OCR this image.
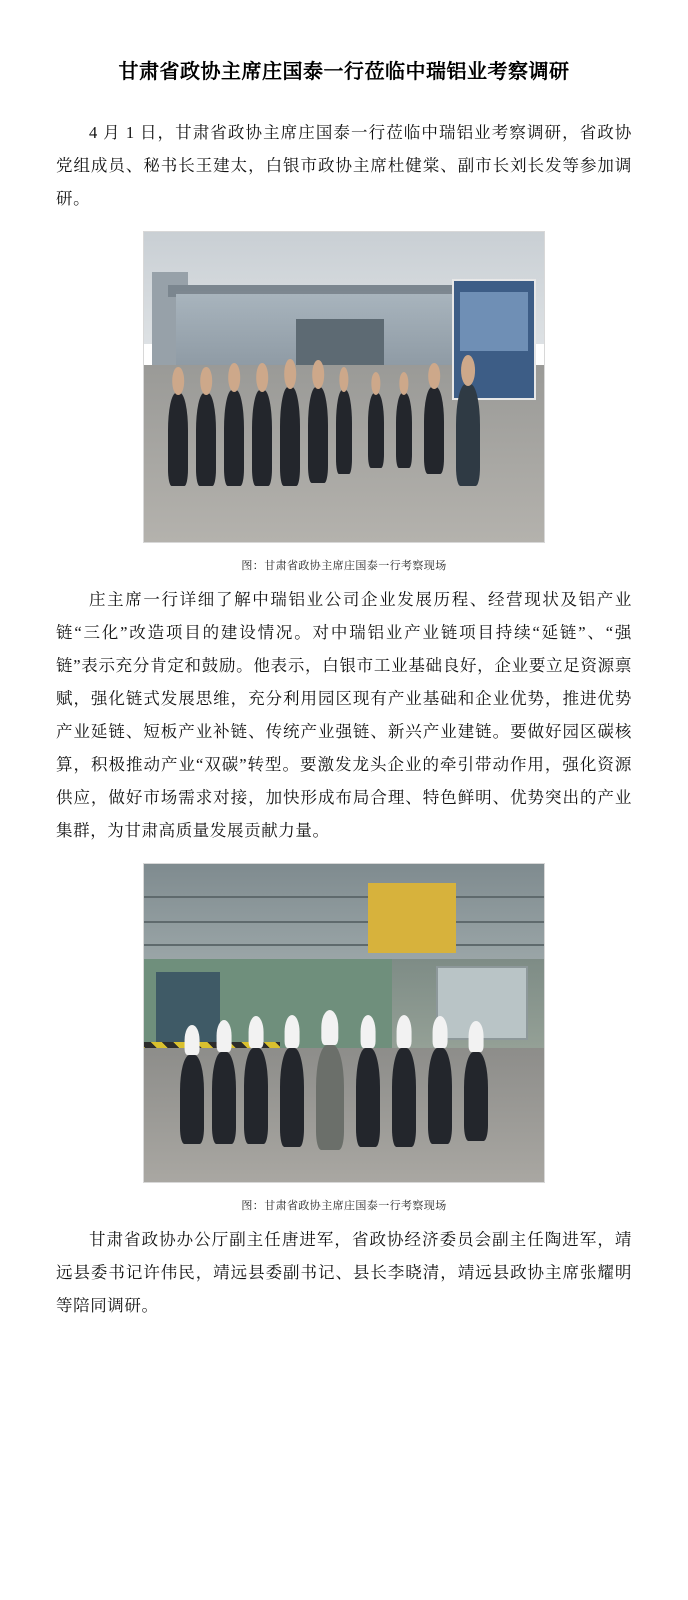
甘肃省政协主席庄国泰一行莅临中瑞铝业考察调研

4 月 1 日，甘肃省政协主席庄国泰一行莅临中瑞铝业考察调研，省政协党组成员、秘书长王建太，白银市政协主席杜健棠、副市长刘长发等参加调研。

图：甘肃省政协主席庄国泰一行考察现场

庄主席一行详细了解中瑞铝业公司企业发展历程、经营现状及铝产业链“三化”改造项目的建设情况。对中瑞铝业产业链项目持续“延链”、“强链”表示充分肯定和鼓励。他表示，白银市工业基础良好，企业要立足资源禀赋，强化链式发展思维，充分利用园区现有产业基础和企业优势，推进优势产业延链、短板产业补链、传统产业强链、新兴产业建链。要做好园区碳核算，积极推动产业“双碳”转型。要激发龙头企业的牵引带动作用，强化资源供应，做好市场需求对接，加快形成布局合理、特色鲜明、优势突出的产业集群，为甘肃高质量发展贡献力量。

图：甘肃省政协主席庄国泰一行考察现场

甘肃省政协办公厅副主任唐进军，省政协经济委员会副主任陶进军，靖远县委书记许伟民，靖远县委副书记、县长李晓清，靖远县政协主席张耀明等陪同调研。
